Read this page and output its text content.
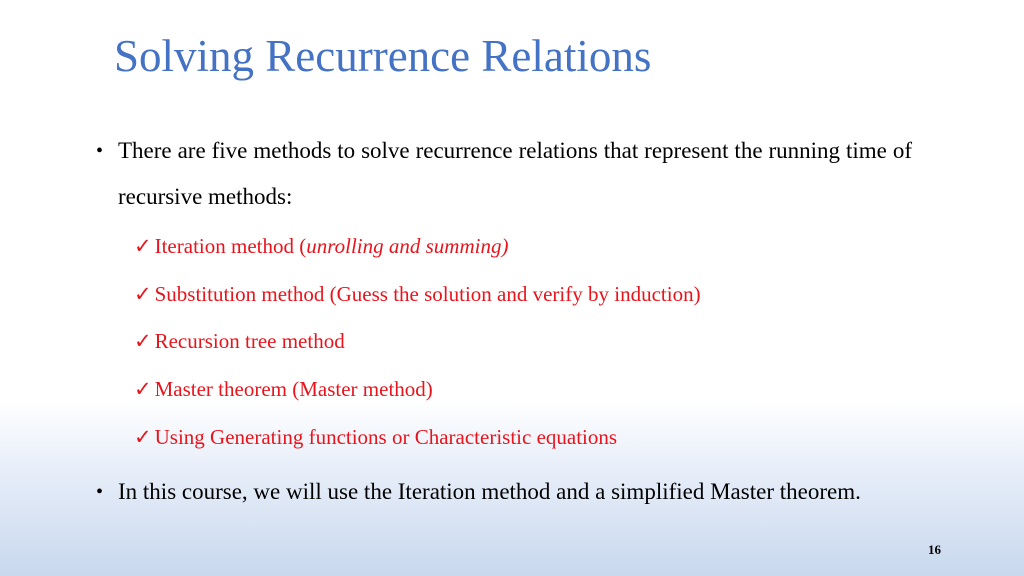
Solving Recurrence Relations
• There are five methods to solve recurrence relations that represent the running time of recursive methods:
✓ Iteration method (unrolling and summing)
✓ Substitution method (Guess the solution and verify by induction)
✓ Recursion tree method
✓ Master theorem (Master method)
✓ Using Generating functions or Characteristic equations
• In this course, we will use the Iteration method and a simplified Master theorem.
16
